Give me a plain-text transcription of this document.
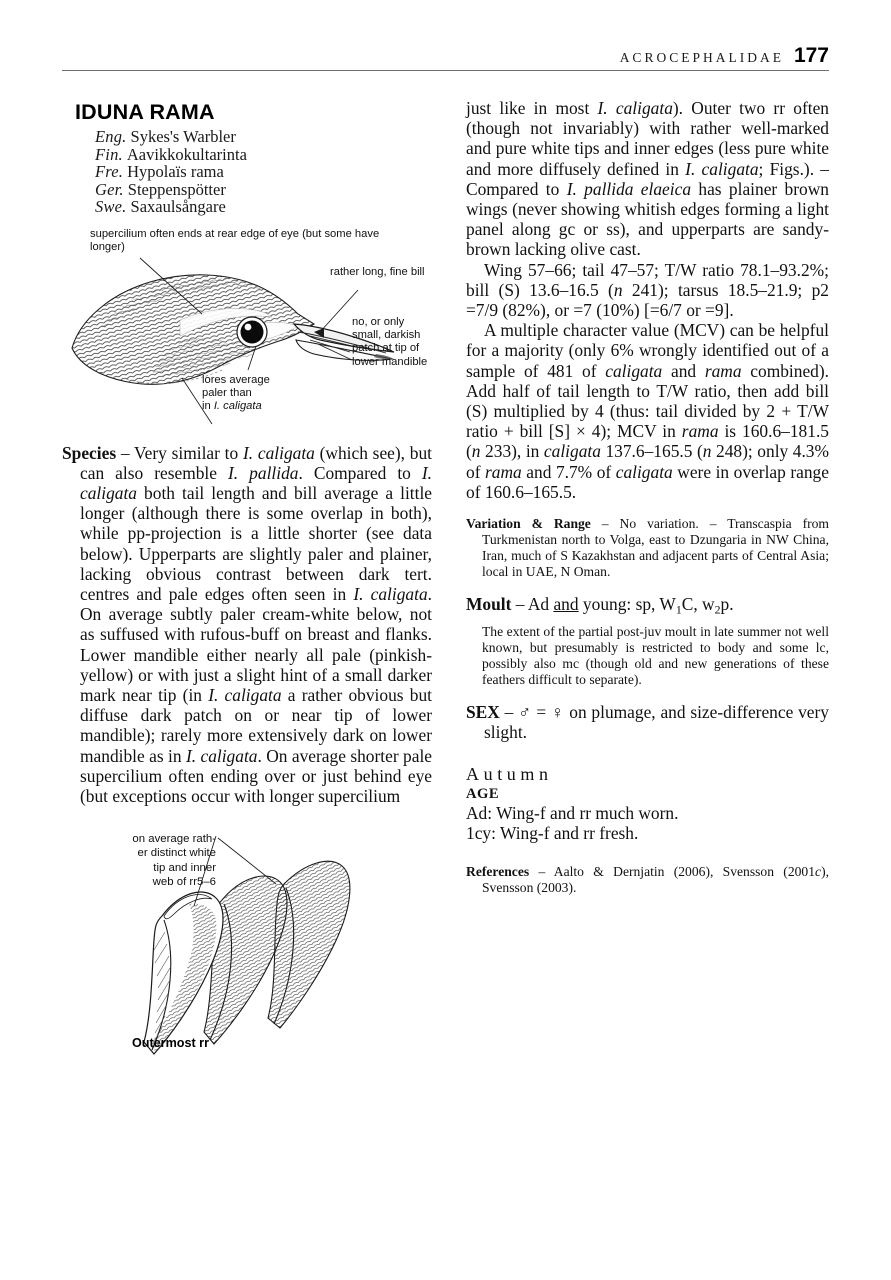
ACROCEPHALIDAE 177
IDUNA RAMA
Eng. Sykes's Warbler
Fin. Aavikkokultarinta
Fre. Hypolaïs rama
Ger. Steppenspötter
Swe. Saxaulsångare
supercilium often ends at rear edge of eye (but some have longer)
rather long, fine bill
no, or only small, darkish patch at tip of lower mandible
lores average
paler than
in I. caligata

Species – Very similar to I. caligata (which see), but can also resemble I. pallida. Compared to I. caligata both tail length and bill average a little longer (although there is some overlap in both), while pp-projection is a little shorter (see data below). Upperparts are slightly paler and plainer, lacking obvious contrast between dark tert. centres and pale edges often seen in I. caligata. On average subtly paler cream-white below, not as suffused with rufous-buff on breast and flanks. Lower mandible either nearly all pale (pinkish-yellow) or with just a slight hint of a small darker mark near tip (in I. caligata a rather obvious but diffuse dark patch on or near tip of lower mandible); rarely more extensively dark on lower mandible as in I. caligata. On average shorter pale supercilium often ending over or just behind eye (but exceptions occur with longer supercilium

on average rath-
er distinct white
tip and inner
web of rr5–6
Outermost rr

just like in most I. caligata). Outer two rr often (though not invariably) with rather well-marked and pure white tips and inner edges (less pure white and more diffusely defined in I. caligata; Figs.). – Compared to I. pallida elaeica has plainer brown wings (never showing whitish edges forming a light panel along gc or ss), and upperparts are sandy-brown lacking olive cast.

Wing 57–66; tail 47–57; T/W ratio 78.1–93.2%; bill (S) 13.6–16.5 (n 241); tarsus 18.5–21.9; p2 =7/9 (82%), or =7 (10%) [=6/7 or =9].

A multiple character value (MCV) can be helpful for a majority (only 6% wrongly identified out of a sample of 481 of caligata and rama combined). Add half of tail length to T/W ratio, then add bill (S) multiplied by 4 (thus: tail divided by 2 + T/W ratio + bill [S] × 4); MCV in rama is 160.6–181.5 (n 233), in caligata 137.6–165.5 (n 248); only 4.3% of rama and 7.7% of caligata were in overlap range of 160.6–165.5.

Variation & Range – No variation. – Transcaspia from Turkmenistan north to Volga, east to Dzungaria in NW China, Iran, much of S Kazakhstan and adjacent parts of Central Asia; local in UAE, N Oman.

Moult – Ad and young: sp, $W_1C$, $w_2p$.

The extent of the partial post-juv moult in late summer not well known, but presumably is restricted to body and some lc, possibly also mc (though old and new generations of these feathers difficult to separate).

SEX – ♂ = ♀ on plumage, and size-difference very slight.

Autumn
AGE
Ad: Wing-f and rr much worn.
1cy: Wing-f and rr fresh.

References – Aalto & Dernjatin (2006), Svensson (2001c), Svensson (2003).
